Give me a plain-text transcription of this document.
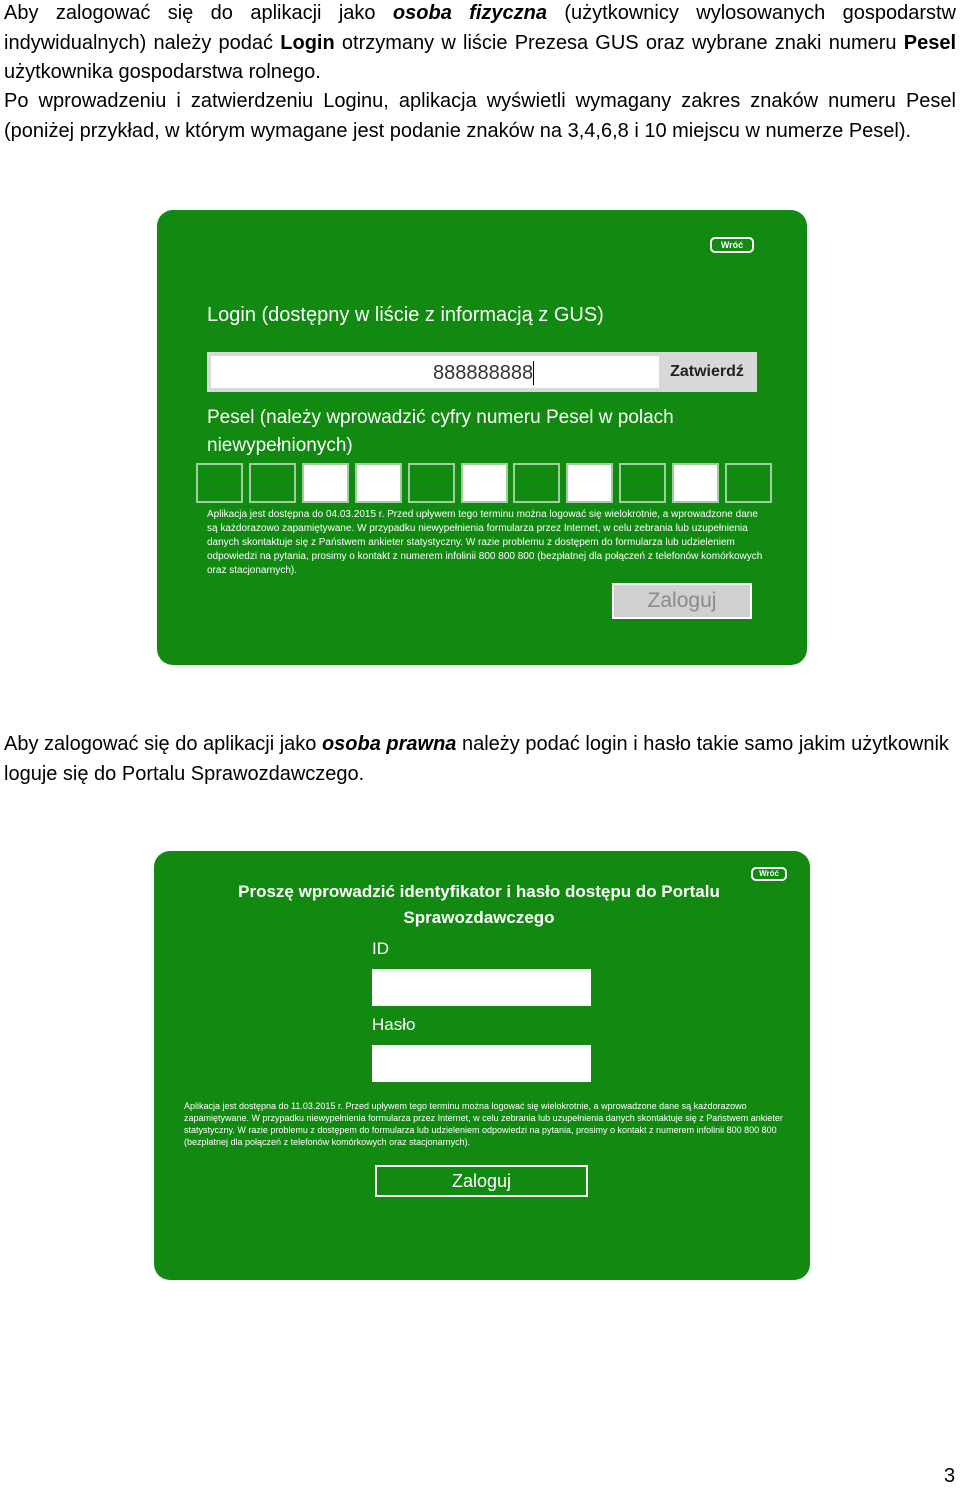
Aby zalogować się do aplikacji jako osoba fizyczna (użytkownicy wylosowanych gospodarstw indywidualnych) należy podać Login otrzymany w liście Prezesa GUS oraz wybrane znaki numeru Pesel użytkownika gospodarstwa rolnego.
Po wprowadzeniu i zatwierdzeniu Loginu, aplikacja wyświetli wymagany zakres znaków numeru Pesel (poniżej przykład, w którym wymagane jest podanie znaków na 3,4,6,8 i 10 miejscu w numerze Pesel).
Wróć
Login (dostępny w liście z informacją z GUS)
888888888	Zatwierdź
Pesel (należy wprowadzić cyfry numeru Pesel w polach niewypełnionych)
Aplikacja jest dostępna do 04.03.2015 r. Przed upływem tego terminu można logować się wielokrotnie, a wprowadzone dane są każdorazowo zapamiętywane. W przypadku niewypełnienia formularza przez Internet, w celu zebrania lub uzupełnienia danych skontaktuje się z Państwem ankieter statystyczny. W razie problemu z dostępem do formularza lub udzieleniem odpowiedzi na pytania, prosimy o kontakt z numerem infolinii 800 800 800 (bezpłatnej dla połączeń z telefonów komórkowych oraz stacjonarnych).
Zaloguj
Aby zalogować się do aplikacji jako osoba prawna należy podać login i hasło takie samo jakim użytkownik loguje się do Portalu Sprawozdawczego.
Wróć
Proszę wprowadzić identyfikator i hasło dostępu do Portalu Sprawozdawczego
ID
Hasło
Aplikacja jest dostępna do 11.03.2015 r. Przed upływem tego terminu można logować się wielokrotnie, a wprowadzone dane są każdorazowo zapamiętywane. W przypadku niewypełnienia formularza przez Internet, w celu zebrania lub uzupełnienia danych skontaktuje się z Państwem ankieter statystyczny. W razie problemu z dostępem do formularza lub udzieleniem odpowiedzi na pytania, prosimy o kontakt z numerem infolinii 800 800 800 (bezpłatnej dla połączeń z telefonów komórkowych oraz stacjonarnych).
Zaloguj
3
